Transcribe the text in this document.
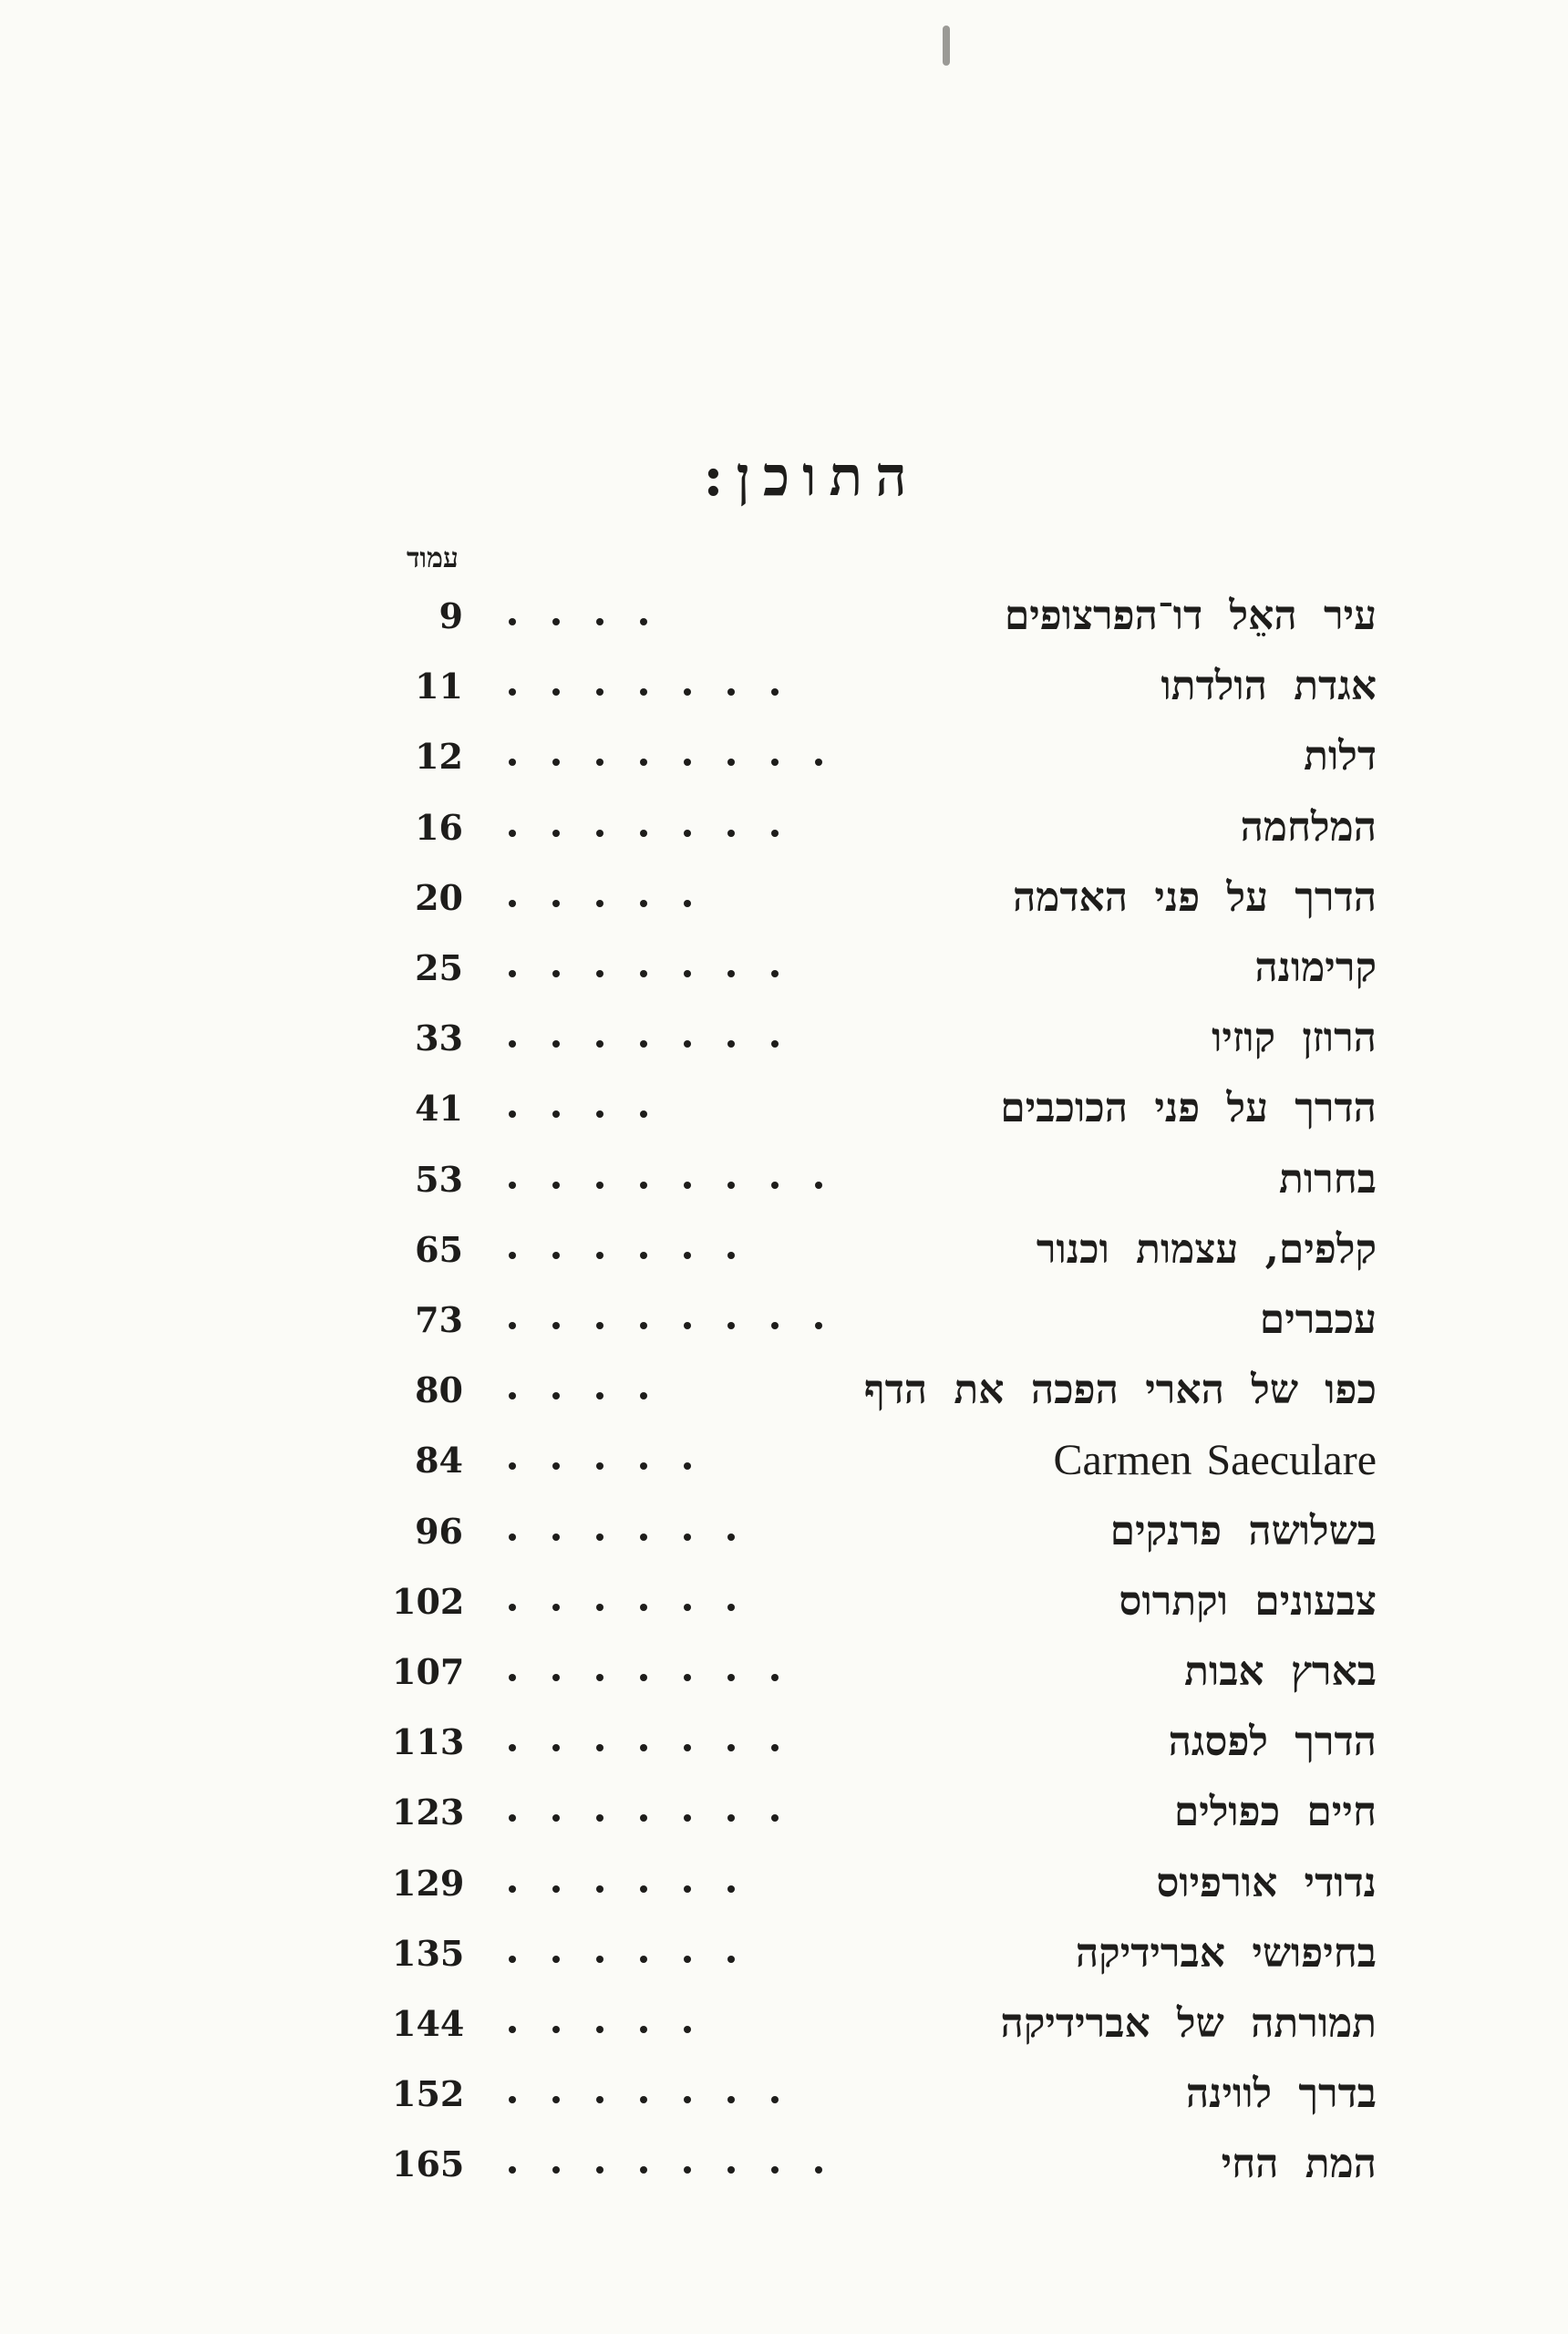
התוכן:
עמוד
עיר האֵל דו־הפרצופים
9
אגדת הולדתו
11
דלות
12
המלחמה
16
הדרך על פני האדמה
20
קרימונה
25
הרוזן קוזיו
33
הדרך על פני הכוכבים
41
בחרות
53
קלפים, עצמות וכנור
65
עכברים
73
כפו של הארי הפכה את הדף
80
Carmen Saeculare
84
בשלושה פרנקים
96
צבעונים וקתרוס
102
בארץ אבות
107
הדרך לפסגה
113
חיים כפולים
123
נדודי אורפיוס
129
בחיפושי אברידיקה
135
תמורתה של אברידיקה
144
בדרך לווינה
152
המת החי
165
